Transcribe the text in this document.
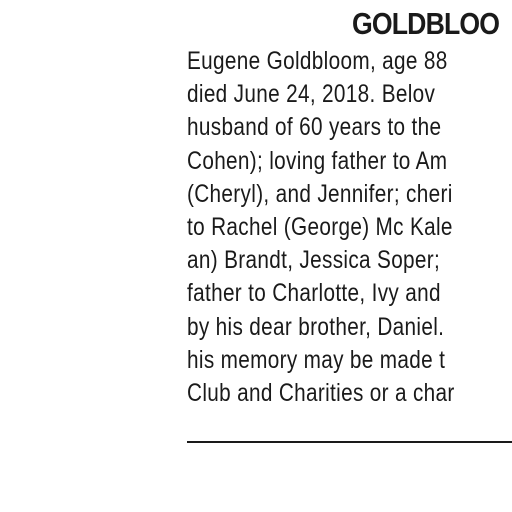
GOLDBLOO
Eugene Goldbloom, age 88
died June 24, 2018. Belov
husband of 60 years to the
Cohen); loving father to Am
(Cheryl), and Jennifer; cheri
to Rachel (George) Mc Kale
an) Brandt, Jessica Soper;
father to Charlotte, Ivy and
by his dear brother, Daniel.
his memory may be made t
Club and Charities or a char
